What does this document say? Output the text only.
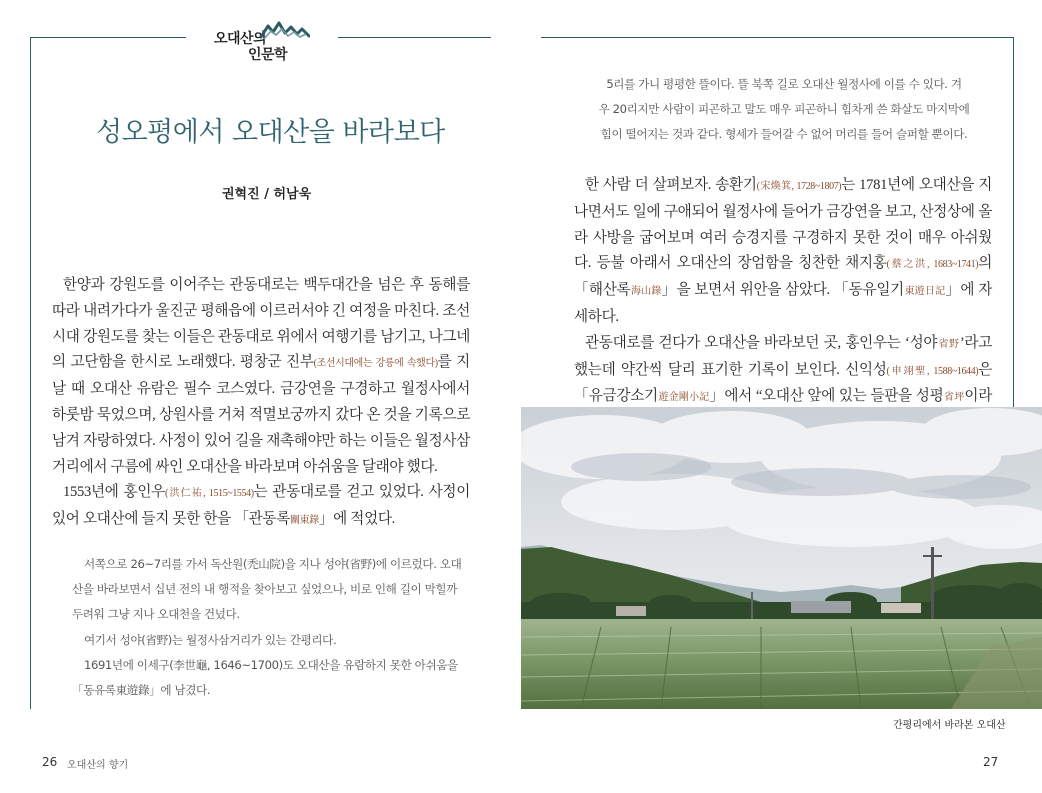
오대산의
인문학
성오평에서 오대산을 바라보다
권혁진 / 허남욱

한양과 강원도를 이어주는 관동대로는 백두대간을 넘은 후 동해를 따라 내려가다가 울진군 평해읍에 이르러서야 긴 여정을 마친다. 조선시대 강원도를 찾는 이들은 관동대로 위에서 여행기를 남기고, 나그네의 고단함을 한시로 노래했다. 평창군 진부(조선시대에는 강릉에 속했다)를 지날 때 오대산 유람은 필수 코스였다. 금강연을 구경하고 월정사에서 하룻밤 묵었으며, 상원사를 거쳐 적멸보궁까지 갔다 온 것을 기록으로 남겨 자랑하였다. 사정이 있어 길을 재촉해야만 하는 이들은 월정사삼거리에서 구름에 싸인 오대산을 바라보며 아쉬움을 달래야 했다.

1553년에 홍인우(洪仁祐, 1515~1554)는 관동대로를 걷고 있었다. 사정이 있어 오대산에 들지 못한 한을 「관동록關東錄」에 적었다.

서쪽으로 26~7리를 가서 독산원(禿山院)을 지나 성야(省野)에 이르렀다. 오대산을 바라보면서 십년 전의 내 행적을 찾아보고 싶었으나, 비로 인해 길이 막힐까 두려워 그냥 지나 오대천을 건넜다.

여기서 성야(省野)는 월정사삼거리가 있는 간평리다.

1691년에 이세구(李世龜, 1646~1700)도 오대산을 유람하지 못한 아쉬움을 「동유록東遊錄」에 남겼다.

5리를 가니 평평한 뜰이다. 뜰 북쪽 길로 오대산 월정사에 이를 수 있다. 겨

우 20리지만 사람이 피곤하고 말도 매우 피곤하니 힘차게 쓴 화살도 마지막에

힘이 떨어지는 것과 같다. 형세가 들어갈 수 없어 머리를 들어 슬퍼할 뿐이다.

한 사람 더 살펴보자. 송환기(宋煥箕, 1728~1807)는 1781년에 오대산을 지나면서도 일에 구애되어 월정사에 들어가 금강연을 보고, 산정상에 올라 사방을 굽어보며 여러 승경지를 구경하지 못한 것이 매우 아쉬웠다. 등불 아래서 오대산의 장엄함을 칭찬한 채지홍(蔡之洪, 1683~1741)의 「해산록海山錄」을 보면서 위안을 삼았다. 「동유일기東遊日記」에 자세하다.

관동대로를 걷다가 오대산을 바라보던 곳, 홍인우는 ‘성야省野’라고 했는데 약간씩 달리 표기한 기록이 보인다. 신익성(申翊聖, 1588~1644)은 「유금강소기遊金剛小記」에서 “오대산 앞에 있는 들판을 성평省坪이라

간평리에서 바라본 오대산
26 오대산의 향기	27
